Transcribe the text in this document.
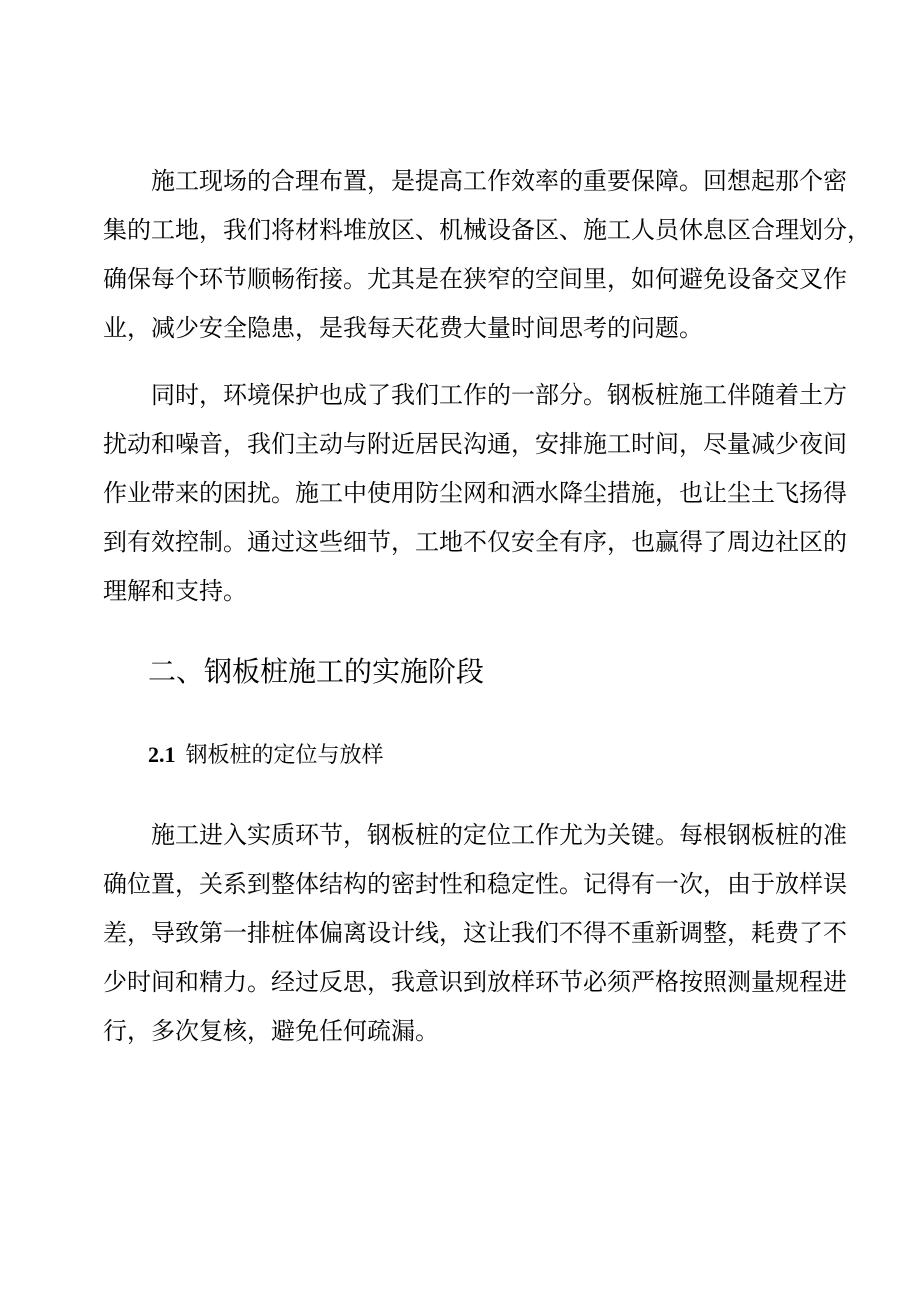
　　施工现场的合理布置，是提高工作效率的重要保障。回想起那个密
集的工地，我们将材料堆放区、机械设备区、施工人员休息区合理划分，
确保每个环节顺畅衔接。尤其是在狭窄的空间里，如何避免设备交叉作
业，减少安全隐患，是我每天花费大量时间思考的问题。
　　同时，环境保护也成了我们工作的一部分。钢板桩施工伴随着土方
扰动和噪音，我们主动与附近居民沟通，安排施工时间，尽量减少夜间
作业带来的困扰。施工中使用防尘网和洒水降尘措施，也让尘土飞扬得
到有效控制。通过这些细节，工地不仅安全有序，也赢得了周边社区的
理解和支持。
二、钢板桩施工的实施阶段
2.1 钢板桩的定位与放样
　　施工进入实质环节，钢板桩的定位工作尤为关键。每根钢板桩的准
确位置，关系到整体结构的密封性和稳定性。记得有一次，由于放样误
差，导致第一排桩体偏离设计线，这让我们不得不重新调整，耗费了不
少时间和精力。经过反思，我意识到放样环节必须严格按照测量规程进
行，多次复核，避免任何疏漏。
